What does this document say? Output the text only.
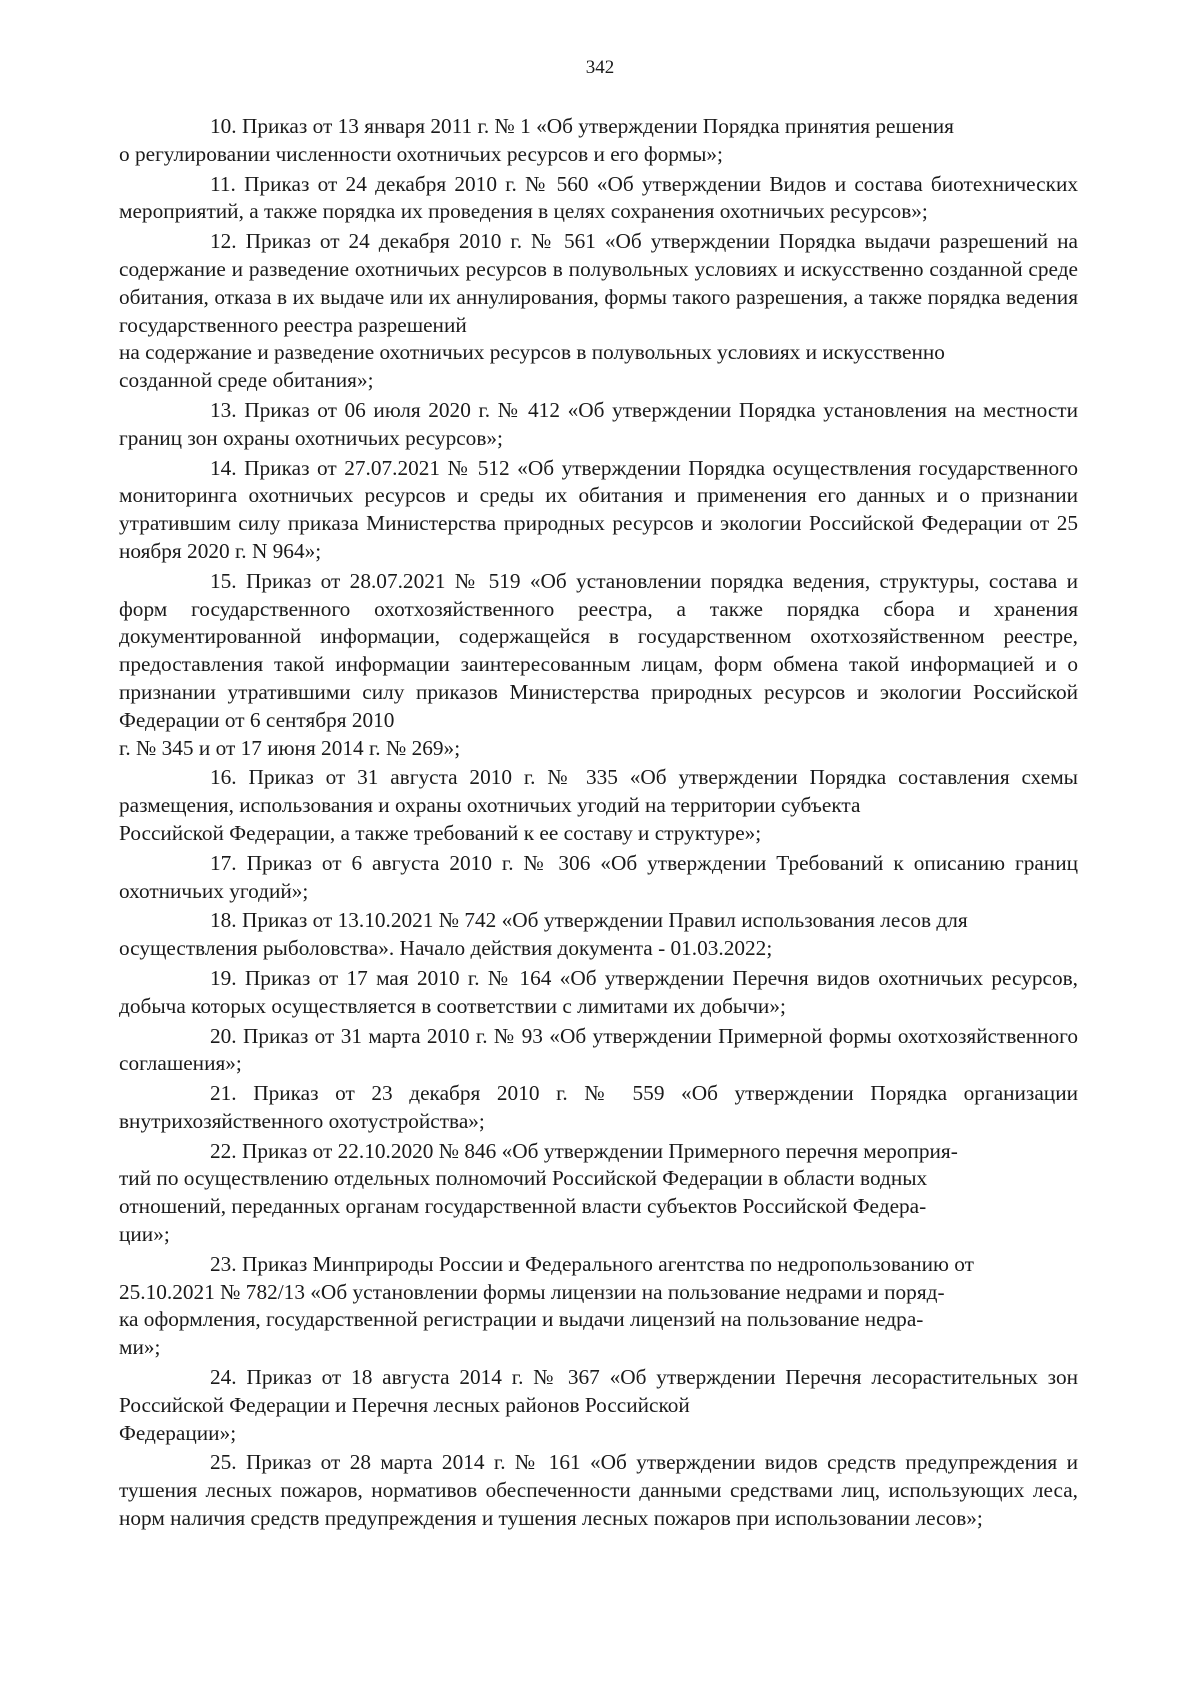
342

10. Приказ от 13 января 2011 г. № 1 «Об утверждении Порядка принятия решения
о регулировании численности охотничьих ресурсов и его формы»;

11. Приказ от 24 декабря 2010 г. № 560 «Об утверждении Видов и состава биотехнических мероприятий, а также порядка их проведения в целях сохранения охотничьих ресурсов»;

12. Приказ от 24 декабря 2010 г. № 561 «Об утверждении Порядка выдачи разрешений на содержание и разведение охотничьих ресурсов в полувольных условиях и искусственно созданной среде обитания, отказа в их выдаче или их аннулирования, формы такого разрешения, а также порядка ведения государственного реестра разрешений
на содержание и разведение охотничьих ресурсов в полувольных условиях и искусственно
созданной среде обитания»;

13. Приказ от 06 июля 2020 г. № 412 «Об утверждении Порядка установления на местности границ зон охраны охотничьих ресурсов»;

14. Приказ от 27.07.2021 № 512 «Об утверждении Порядка осуществления государственного мониторинга охотничьих ресурсов и среды их обитания и применения его данных и о признании утратившим силу приказа Министерства природных ресурсов и экологии Российской Федерации от 25 ноября 2020 г. N 964»;

15. Приказ от 28.07.2021 № 519 «Об установлении порядка ведения, структуры, состава и форм государственного охотхозяйственного реестра, а также порядка сбора и хранения документированной информации, содержащейся в государственном охотхозяйственном реестре, предоставления такой информации заинтересованным лицам, форм обмена такой информацией и о признании утратившими силу приказов Министерства природных ресурсов и экологии Российской Федерации от 6 сентября 2010
г. № 345 и от 17 июня 2014 г. № 269»;

16. Приказ от 31 августа 2010 г. № 335 «Об утверждении Порядка составления схемы размещения, использования и охраны охотничьих угодий на территории субъекта
Российской Федерации, а также требований к ее составу и структуре»;

17. Приказ от 6 августа 2010 г. № 306 «Об утверждении Требований к описанию границ охотничьих угодий»;

18. Приказ от 13.10.2021 № 742 «Об утверждении Правил использования лесов для
осуществления рыболовства». Начало действия документа - 01.03.2022;

19. Приказ от 17 мая 2010 г. № 164 «Об утверждении Перечня видов охотничьих ресурсов, добыча которых осуществляется в соответствии с лимитами их добычи»;

20. Приказ от 31 марта 2010 г. № 93 «Об утверждении Примерной формы охотхозяйственного соглашения»;

21. Приказ от 23 декабря 2010 г. № 559 «Об утверждении Порядка организации внутрихозяйственного охотустройства»;

22. Приказ от 22.10.2020 № 846 «Об утверждении Примерного перечня мероприя-
тий по осуществлению отдельных полномочий Российской Федерации в области водных
отношений, переданных органам государственной власти субъектов Российской Федера-
ции»;

23. Приказ Минприроды России и Федерального агентства по недропользованию от
25.10.2021 № 782/13 «Об установлении формы лицензии на пользование недрами и поряд-
ка оформления, государственной регистрации и выдачи лицензий на пользование недра-
ми»;

24. Приказ от 18 августа 2014 г. № 367 «Об утверждении Перечня лесорастительных зон Российской Федерации и Перечня лесных районов Российской
Федерации»;

25. Приказ от 28 марта 2014 г. № 161 «Об утверждении видов средств предупреждения и тушения лесных пожаров, нормативов обеспеченности данными средствами лиц, использующих леса, норм наличия средств предупреждения и тушения лесных пожаров при использовании лесов»;
